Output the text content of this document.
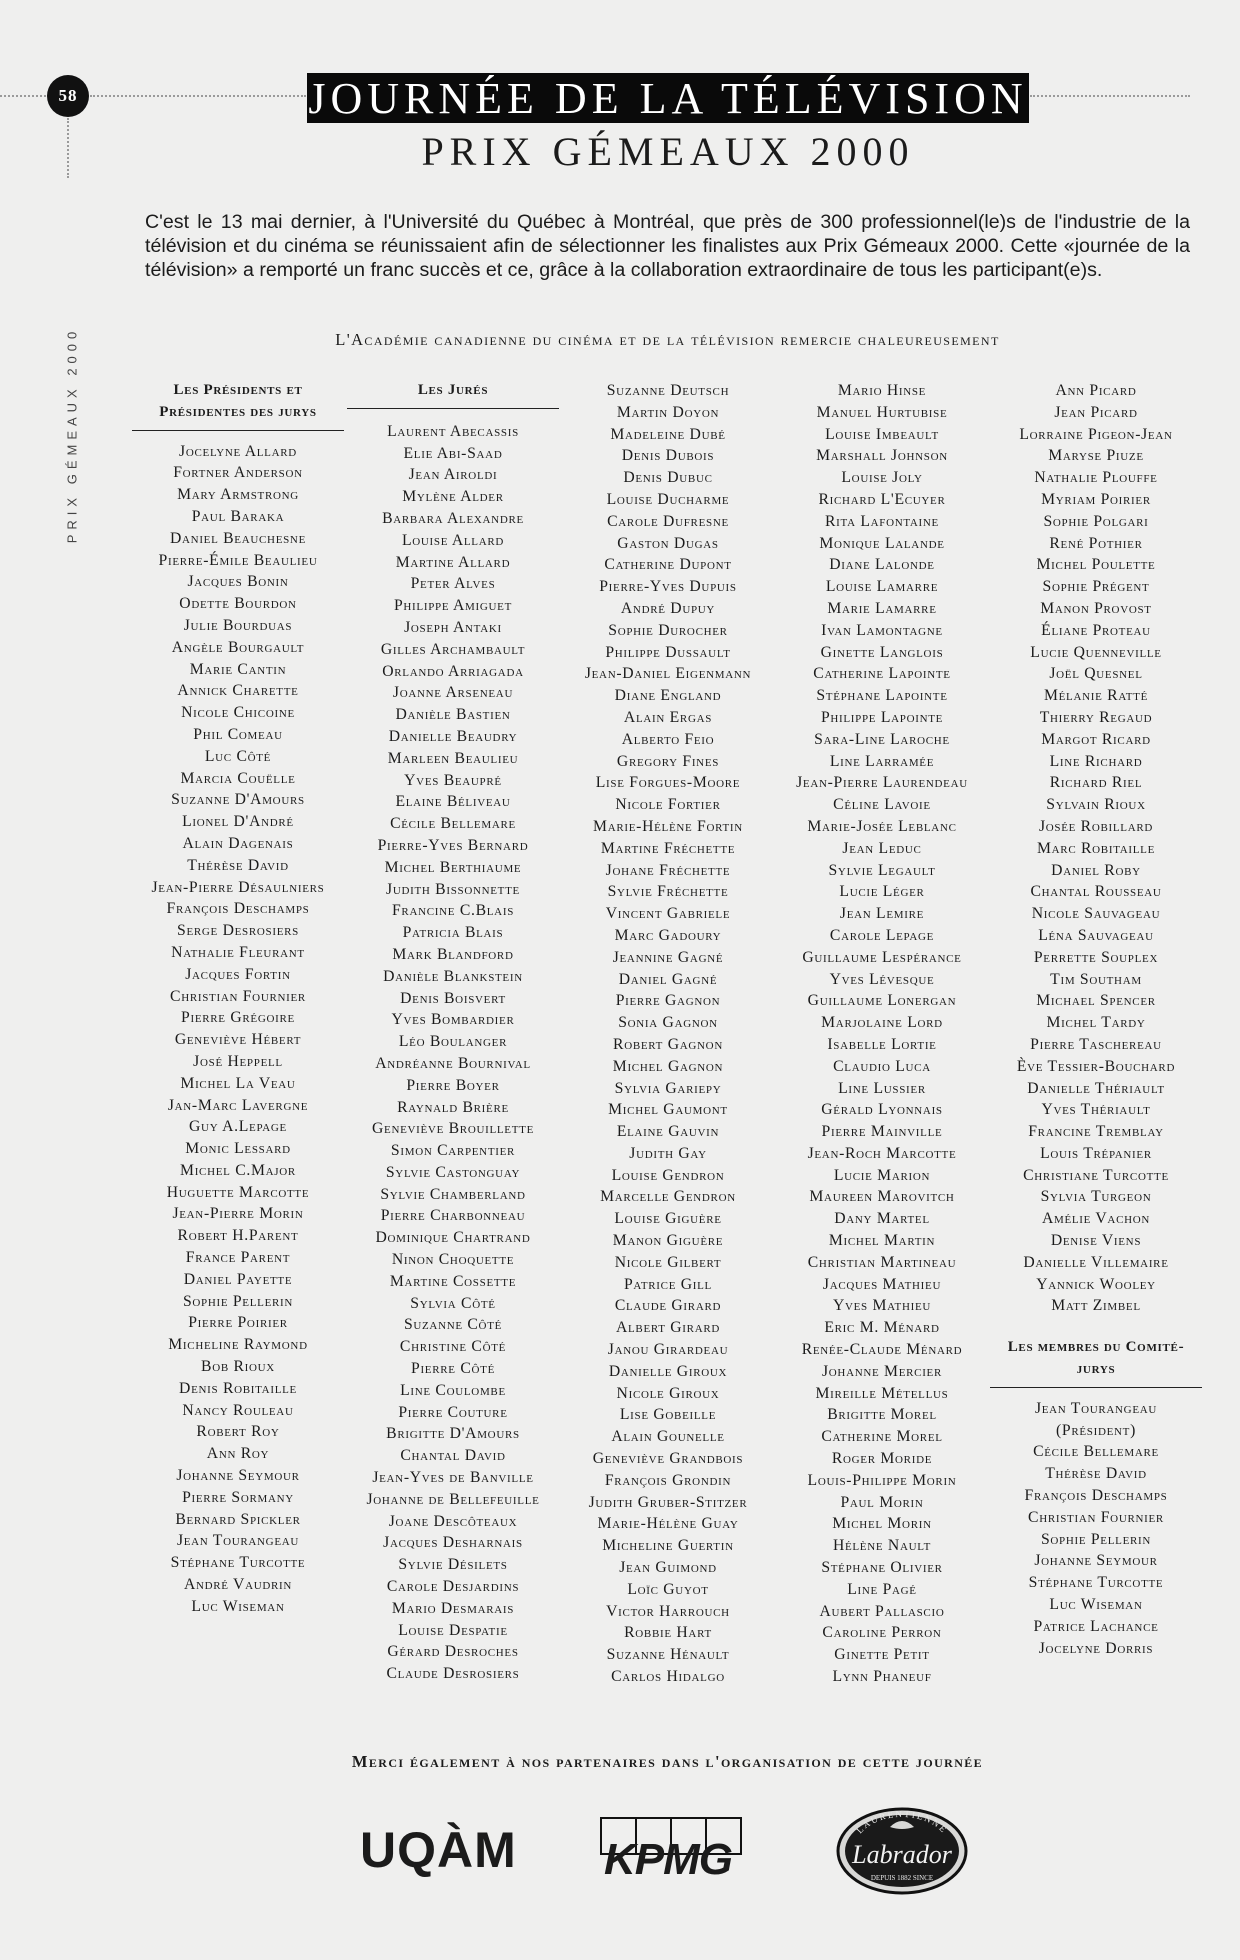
58
PRIX GÉMEAUX 2000
JOURNÉE DE LA TÉLÉVISION
PRIX GÉMEAUX 2000
C'est le 13 mai dernier, à l'Université du Québec à Montréal, que près de 300 professionnel(le)s de l'industrie de la télévision et du cinéma se réunissaient afin de sélectionner les finalistes aux Prix Gémeaux 2000. Cette «journée de la télévision» a remporté un franc succès et ce, grâce à la collaboration extraordinaire de tous les participant(e)s.
L'Académie canadienne du cinéma et de la télévision remercie chaleureusement
Les Présidents et Présidentes des jurys
Jocelyne Allard
Fortner Anderson
Mary Armstrong
Paul Baraka
Daniel Beauchesne
Pierre-Émile Beaulieu
Jacques Bonin
Odette Bourdon
Julie Bourduas
Angèle Bourgault
Marie Cantin
Annick Charette
Nicole Chicoine
Phil Comeau
Luc Côté
Marcia Couëlle
Suzanne D'Amours
Lionel D'André
Alain Dagenais
Thérèse David
Jean-Pierre Désaulniers
François Deschamps
Serge Desrosiers
Nathalie Fleurant
Jacques Fortin
Christian Fournier
Pierre Grégoire
Geneviève Hébert
José Heppell
Michel La Veau
Jan-Marc Lavergne
Guy A.Lepage
Monic Lessard
Michel C.Major
Huguette Marcotte
Jean-Pierre Morin
Robert H.Parent
France Parent
Daniel Payette
Sophie Pellerin
Pierre Poirier
Micheline Raymond
Bob Rioux
Denis Robitaille
Nancy Rouleau
Robert Roy
Ann Roy
Johanne Seymour
Pierre Sormany
Bernard Spickler
Jean Tourangeau
Stéphane Turcotte
André Vaudrin
Luc Wiseman
Les Jurés
Laurent Abecassis
Elie Abi-Saad
Jean Airoldi
Mylène Alder
Barbara Alexandre
Louise Allard
Martine Allard
Peter Alves
Philippe Amiguet
Joseph Antaki
Gilles Archambault
Orlando Arriagada
Joanne Arseneau
Danièle Bastien
Danielle Beaudry
Marleen Beaulieu
Yves Beaupré
Elaine Béliveau
Cécile Bellemare
Pierre-Yves Bernard
Michel Berthiaume
Judith Bissonnette
Francine C.Blais
Patricia Blais
Mark Blandford
Danièle Blankstein
Denis Boisvert
Yves Bombardier
Léo Boulanger
Andréanne Bournival
Pierre Boyer
Raynald Brière
Geneviève Brouillette
Simon Carpentier
Sylvie Castonguay
Sylvie Chamberland
Pierre Charbonneau
Dominique Chartrand
Ninon Choquette
Martine Cossette
Sylvia Côté
Suzanne Côté
Christine Côté
Pierre Côté
Line Coulombe
Pierre Couture
Brigitte D'Amours
Chantal David
Jean-Yves de Banville
Johanne de Bellefeuille
Joane Descôteaux
Jacques Desharnais
Sylvie Désilets
Carole Desjardins
Mario Desmarais
Louise Despatie
Gérard Desroches
Claude Desrosiers
Suzanne Deutsch
Martin Doyon
Madeleine Dubé
Denis Dubois
Denis Dubuc
Louise Ducharme
Carole Dufresne
Gaston Dugas
Catherine Dupont
Pierre-Yves Dupuis
André Dupuy
Sophie Durocher
Philippe Dussault
Jean-Daniel Eigenmann
Diane England
Alain Ergas
Alberto Feio
Gregory Fines
Lise Forgues-Moore
Nicole Fortier
Marie-Hélène Fortin
Martine Fréchette
Johane Fréchette
Sylvie Fréchette
Vincent Gabriele
Marc Gadoury
Jeannine Gagné
Daniel Gagné
Pierre Gagnon
Sonia Gagnon
Robert Gagnon
Michel Gagnon
Sylvia Gariepy
Michel Gaumont
Elaine Gauvin
Judith Gay
Louise Gendron
Marcelle Gendron
Louise Giguère
Manon Giguère
Nicole Gilbert
Patrice Gill
Claude Girard
Albert Girard
Janou Girardeau
Danielle Giroux
Nicole Giroux
Lise Gobeille
Alain Gounelle
Geneviève Grandbois
François Grondin
Judith Gruber-Stitzer
Marie-Hélène Guay
Micheline Guertin
Jean Guimond
Loïc Guyot
Victor Harrouch
Robbie Hart
Suzanne Hénault
Carlos Hidalgo
Mario Hinse
Manuel Hurtubise
Louise Imbeault
Marshall Johnson
Louise Joly
Richard L'Ecuyer
Rita Lafontaine
Monique Lalande
Diane Lalonde
Louise Lamarre
Marie Lamarre
Ivan Lamontagne
Ginette Langlois
Catherine Lapointe
Stéphane Lapointe
Philippe Lapointe
Sara-Line Laroche
Line Larramée
Jean-Pierre Laurendeau
Céline Lavoie
Marie-Josée Leblanc
Jean Leduc
Sylvie Legault
Lucie Léger
Jean Lemire
Carole Lepage
Guillaume Lespérance
Yves Lévesque
Guillaume Lonergan
Marjolaine Lord
Isabelle Lortie
Claudio Luca
Line Lussier
Gérald Lyonnais
Pierre Mainville
Jean-Roch Marcotte
Lucie Marion
Maureen Marovitch
Dany Martel
Michel Martin
Christian Martineau
Jacques Mathieu
Yves Mathieu
Eric M. Ménard
Renée-Claude Ménard
Johanne Mercier
Mireille Métellus
Brigitte Morel
Catherine Morel
Roger Moride
Louis-Philippe Morin
Paul Morin
Michel Morin
Hélène Nault
Stéphane Olivier
Line Pagé
Aubert Pallascio
Caroline Perron
Ginette Petit
Lynn Phaneuf
Ann Picard
Jean Picard
Lorraine Pigeon-Jean
Maryse Piuze
Nathalie Plouffe
Myriam Poirier
Sophie Polgari
René Pothier
Michel Poulette
Sophie Prégent
Manon Provost
Éliane Proteau
Lucie Quenneville
Joël Quesnel
Mélanie Ratté
Thierry Regaud
Margot Ricard
Line Richard
Richard Riel
Sylvain Rioux
Josée Robillard
Marc Robitaille
Daniel Roby
Chantal Rousseau
Nicole Sauvageau
Léna Sauvageau
Perrette Souplex
Tim Southam
Michael Spencer
Michel Tardy
Pierre Taschereau
Ève Tessier-Bouchard
Danielle Thériault
Yves Thériault
Francine Tremblay
Louis Trépanier
Christiane Turcotte
Sylvia Turgeon
Amélie Vachon
Denise Viens
Danielle Villemaire
Yannick Wooley
Matt Zimbel
Les membres du Comité-jurys
Jean Tourangeau
(Président)
Cécile Bellemare
Thérèse David
François Deschamps
Christian Fournier
Sophie Pellerin
Johanne Seymour
Stéphane Turcotte
Luc Wiseman
Patrice Lachance
Jocelyne Dorris
Merci également à nos partenaires dans l'organisation de cette journée
UQÀM KPMG
LAURENTIENNE
Labrador
DEPUIS 1882 SINCE
